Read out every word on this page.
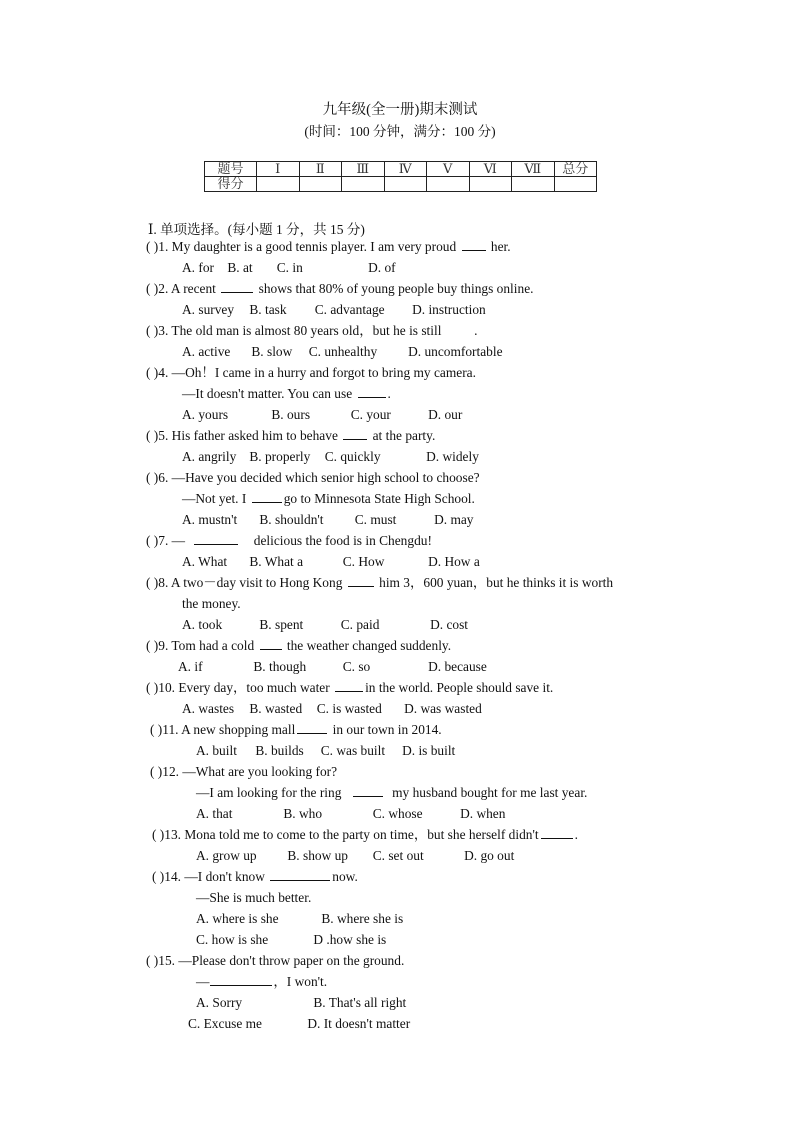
九年级(全一册)期末测试
(时间：100 分钟，满分：100 分)
题号	Ⅰ	Ⅱ	Ⅲ	Ⅳ	Ⅴ	Ⅵ	Ⅶ	总分
得分								
Ⅰ. 单项选择。(每小题 1 分，共 15 分)
( )1. My daughter is a good tennis player. I am very proud	her.
A. for B. at C. in	D. of
( )2. A recent	shows that 80% of young people buy things online.
A. survey B. task C. advantage D. instruction
( )3. The old man is almost 80 years old，but he is still .
A. active B. slow C. unhealthy D. uncomfortable
( )4. —Oh！I came in a hurry and forgot to bring my camera.
—It doesn't matter. You can use	.
A. yours	B. ours	C. your	D. our
( )5. His father asked him to behave	at the party.
A. angrily B. properly C. quickly	D. widely
( )6. —Have you decided which senior high school to choose?
—Not yet. I	go to Minnesota State High School.
A. mustn't B. shouldn't C. must	D. may
( )7. —	delicious the food is in Chengdu!
A. What B. What a	C. How	D. How a
( )8. A two－day visit to Hong Kong	him 3，600 yuan，but he thinks it is worth
the money.
A. took	B. spent	C. paid	D. cost
( )9. Tom had a cold the weather changed suddenly.
A. if	B. though	C. so	D. because
( )10. Every day，too much water	in the world. People should save it.
A. wastes B. wasted C. is wasted D. was wasted
( )11. A new shopping mall	in our town in 2014.
A. built B. builds C. was built D. is built
( )12. —What are you looking for?
—I am looking for the ring	my husband bought for me last year.
A. that	B. who	C. whose	D. when
( )13. Mona told me to come to the party on time，but she herself didn't	.
A. grow up B. show up C. set out	D. go out
( )14. —I don't know	now.
—She is much better.
A. where is she	B. where she is
C. how is she	D .how she is
( )15. —Please don't throw paper on the ground.
—	，I won't.
A. Sorry	B. That's all right
C. Excuse me	D. It doesn't matter
